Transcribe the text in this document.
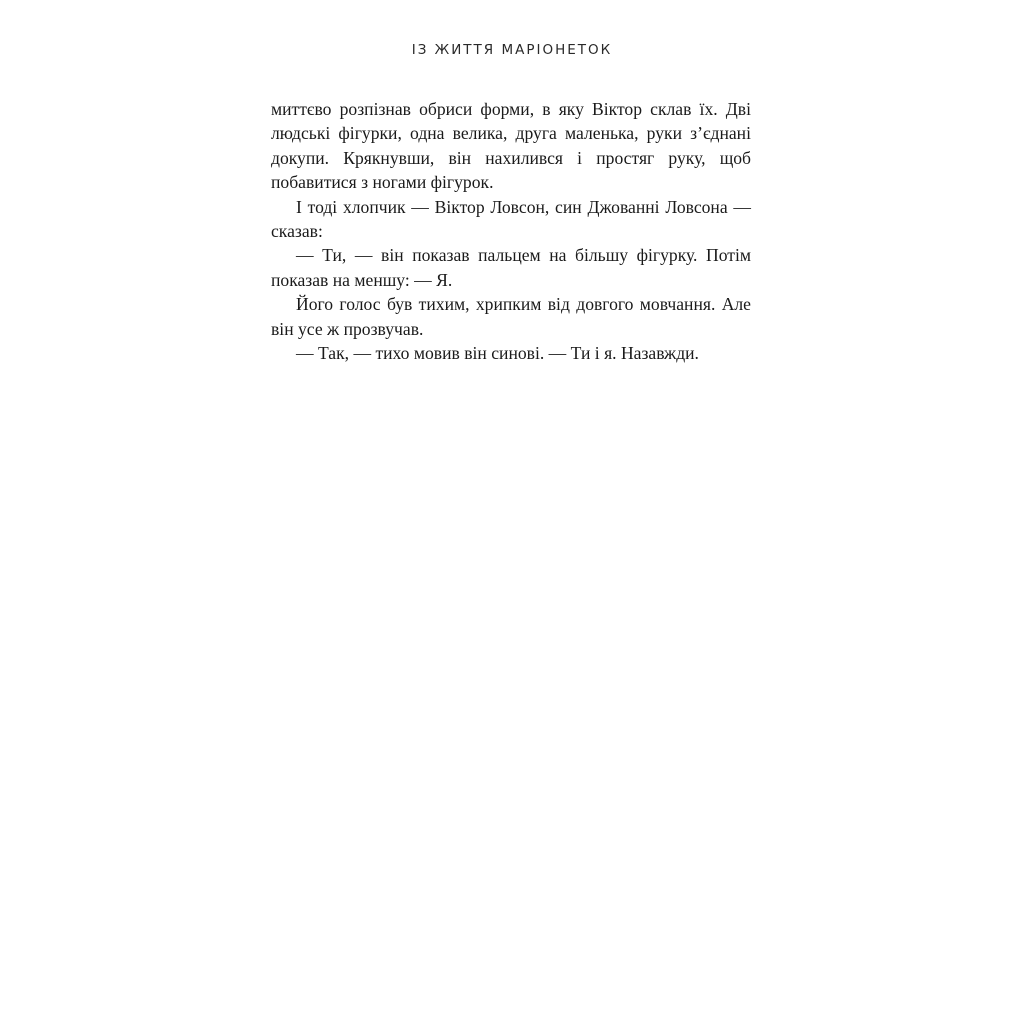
ІЗ ЖИТТЯ МАРІОНЕТОК

миттєво розпізнав обриси форми, в яку Віктор склав їх. Дві людські фігурки, одна велика, друга маленька, руки з’єднані докупи. Крякнувши, він нахилився і простяг руку, щоб побавитися з ногами фігурок.

І тоді хлопчик — Віктор Ловсон, син Джованні Ловсона — сказав:

— Ти, — він показав пальцем на більшу фігурку. Потім показав на меншу: — Я.

Його голос був тихим, хрипким від довгого мовчання. Але він усе ж прозвучав.

— Так, — тихо мовив він синові. — Ти і я. Назавжди.
